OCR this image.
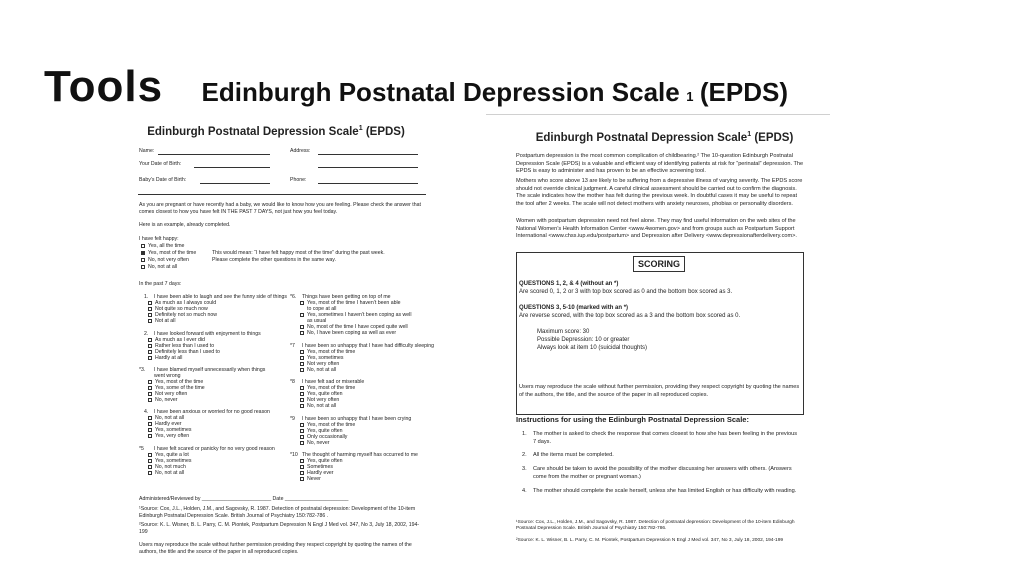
Tools Edinburgh Postnatal Depression Scale 1 (EPDS)
Edinburgh Postnatal Depression Scale$^1$ (EPDS)
Name:	Address:
Your Date of Birth:
Baby’s Date of Birth:	Phone:
As you are pregnant or have recently had a baby, we would like to know how you are feeling. Please check the answer that comes closest to how you have felt IN THE PAST 7 DAYS, not just how you feel today.
Here is an example, already completed.
I have felt happy:
Yes, all the time
Yes, most of the time
No, not very often
No, not at all
This would mean: “I have felt happy most of the time” during the past week.
Please complete the other questions in the same way.
In the past 7 days:
1. I have been able to laugh and see the funny side of things
As much as I always could
Not quite so much now
Definitely not so much now
Not at all
2. I have looked forward with enjoyment to things
As much as I ever did
Rather less than I used to
Definitely less than I used to
Hardly at all
*3. I have blamed myself unnecessarily when things
went wrong
Yes, most of the time
Yes, some of the time
Not very often
No, never
4. I have been anxious or worried for no good reason
No, not at all
Hardly ever
Yes, sometimes
Yes, very often
*5 I have felt scared or panicky for no very good reason
Yes, quite a lot
Yes, sometimes
No, not much
No, not at all
*6. Things have been getting on top of me
Yes, most of the time I haven’t been able
to cope at all
Yes, sometimes I haven’t been coping as well
as usual
No, most of the time I have coped quite well
No, I have been coping as well as ever
*7 I have been so unhappy that I have had difficulty sleeping
Yes, most of the time
Yes, sometimes
Not very often
No, not at all
*8 I have felt sad or miserable
Yes, most of the time
Yes, quite often
Not very often
No, not at all
*9 I have been so unhappy that I have been crying
Yes, most of the time
Yes, quite often
Only occasionally
No, never
*10 The thought of harming myself has occurred to me
Yes, quite often
Sometimes
Hardly ever
Never
Administered/Reviewed by ________________________ Date ______________________
¹Source: Cox, J.L., Holden, J.M., and Sagovsky, R. 1987. Detection of postnatal depression: Development of the 10-item Edinburgh Postnatal Depression Scale. British Journal of Psychiatry 150:782-786 .
²Source: K. L. Wisner, B. L. Parry, C. M. Piontek, Postpartum Depression N Engl J Med vol. 347, No 3, July 18, 2002, 194-199
Users may reproduce the scale without further permission providing they respect copyright by quoting the names of the authors, the title and the source of the paper in all reproduced copies.
Edinburgh Postnatal Depression Scale$^1$ (EPDS)
Postpartum depression is the most common complication of childbearing.² The 10-question Edinburgh Postnatal Depression Scale (EPDS) is a valuable and efficient way of identifying patients at risk for “perinatal” depression. The EPDS is easy to administer and has proven to be an effective screening tool.
Mothers who score above 13 are likely to be suffering from a depressive illness of varying severity. The EPDS score should not override clinical judgment. A careful clinical assessment should be carried out to confirm the diagnosis. The scale indicates how the mother has felt during the previous week. In doubtful cases it may be useful to repeat the tool after 2 weeks. The scale will not detect mothers with anxiety neuroses, phobias or personality disorders.
Women with postpartum depression need not feel alone. They may find useful information on the web sites of the National Women’s Health Information Center <www.4women.gov> and from groups such as Postpartum Support International <www.chss.iup.edu/postpartum> and Depression after Delivery <www.depressionafterdelivery.com>.
SCORING
QUESTIONS 1, 2, & 4 (without an *)
Are scored 0, 1, 2 or 3 with top box scored as 0 and the bottom box scored as 3.
QUESTIONS 3, 5-10 (marked with an *)
Are reverse scored, with the top box scored as a 3 and the bottom box scored as 0.
Maximum score: 30
Possible Depression: 10 or greater
Always look at item 10 (suicidal thoughts)
Users may reproduce the scale without further permission, providing they respect copyright by quoting the names of the authors, the title, and the source of the paper in all reproduced copies.
Instructions for using the Edinburgh Postnatal Depression Scale:
1. The mother is asked to check the response that comes closest to how she has been feeling in the previous 7 days.
2. All the items must be completed.
3. Care should be taken to avoid the possibility of the mother discussing her answers with others. (Answers come from the mother or pregnant woman.)
4. The mother should complete the scale herself, unless she has limited English or has difficulty with reading.
¹Source: Cox, J.L., Holden, J.M., and Sagovsky, R. 1987. Detection of postnatal depression: Development of the 10-item Edinburgh Postnatal Depression Scale. British Journal of Psychiatry 150:782-786.
²Source: K. L. Wisner, B. L. Parry, C. M. Piontek, Postpartum Depression N Engl J Med vol. 347, No 3, July 18, 2002, 194-199
